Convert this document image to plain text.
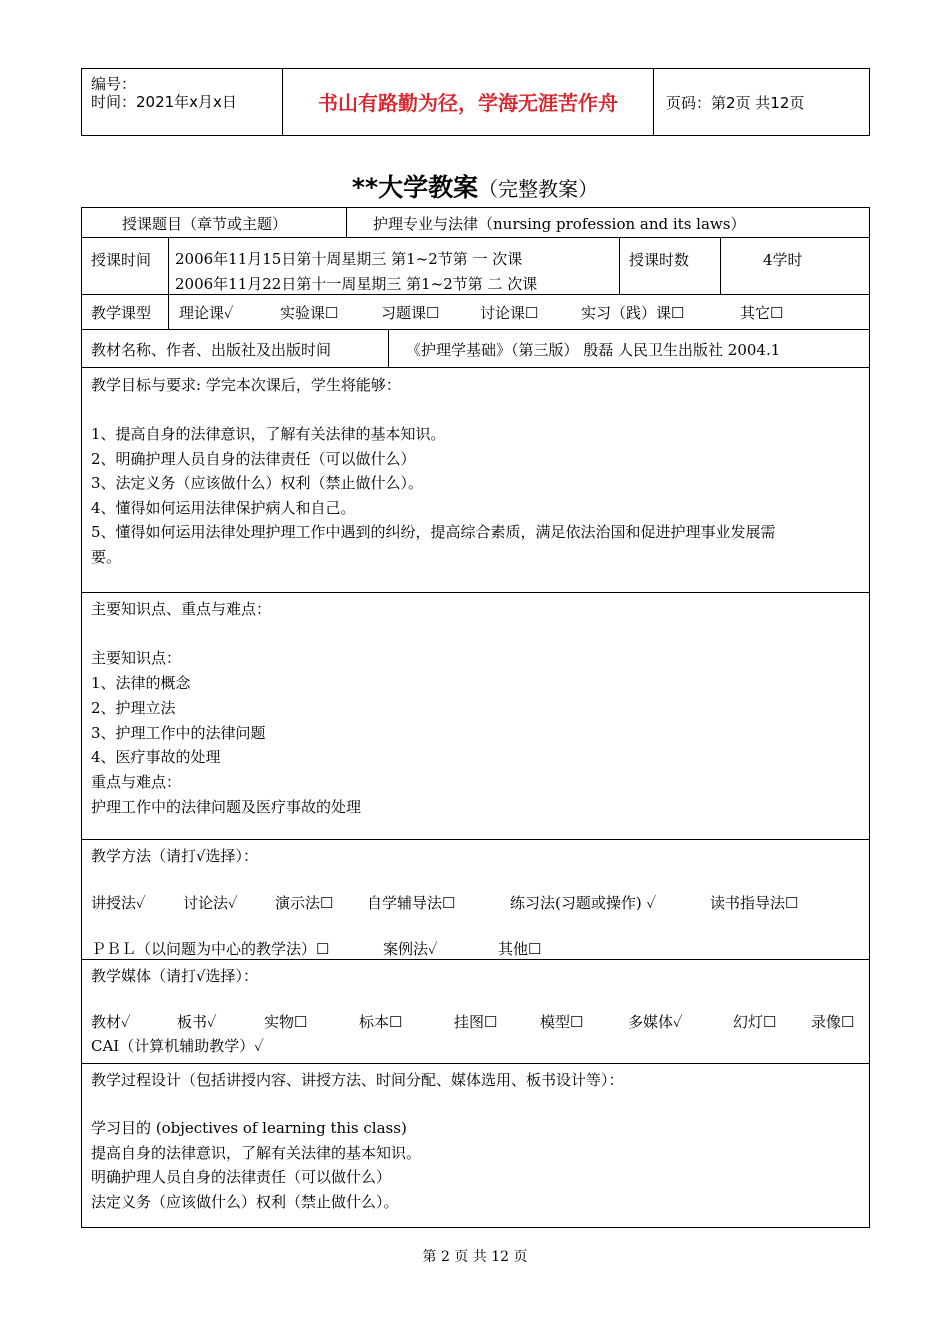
编号：
时间：2021年x月x日	书山有路勤为径，学海无涯苦作舟	页码：第2页 共12页
**大学教案（完整教案）
授课题目（章节或主题）	护理专业与法律（nursing profession and its laws）
授课时间 2006年11月15日第十周星期三 第1~2节第 一 次课
2006年11月22日第十一周星期三 第1~2节第 二 次课
授课时数	4学时
教学课型 理论课✓	实验课☐	习题课☐	讨论课☐	实习（践）课☐	其它☐
教材名称、作者、出版社及出版时间	《护理学基础》（第三版） 殷磊 人民卫生出版社 2004.1
教学目标与要求: 学完本次课后，学生将能够：
1、提高自身的法律意识，了解有关法律的基本知识。
2、明确护理人员自身的法律责任（可以做什么）
3、法定义务（应该做什么）权利（禁止做什么）。
4、懂得如何运用法律保护病人和自己。
5、懂得如何运用法律处理护理工作中遇到的纠纷，提高综合素质，满足依法治国和促进护理事业发展需
要。
主要知识点、重点与难点：
主要知识点：
1、法律的概念
2、护理立法
3、护理工作中的法律问题
4、医疗事故的处理
重点与难点：
护理工作中的法律问题及医疗事故的处理
教学方法（请打√选择）：
讲授法✓ 讨论法✓ 演示法☐ 自学辅导法☐	练习法(习题或操作) ✓	读书指导法☐
ＰＢＬ（以问题为中心的教学法）☐	案例法✓	其他☐
教学媒体（请打√选择）：
教材✓	板书✓	实物☐	标本☐	挂图☐	模型☐	多媒体✓	幻灯☐ 录像☐
CAI（计算机辅助教学）✓
教学过程设计（包括讲授内容、讲授方法、时间分配、媒体选用、板书设计等）：
学习目的 (objectives of learning this class)
提高自身的法律意识，了解有关法律的基本知识。
明确护理人员自身的法律责任（可以做什么）
法定义务（应该做什么）权利（禁止做什么）。
第 2 页 共 12 页
